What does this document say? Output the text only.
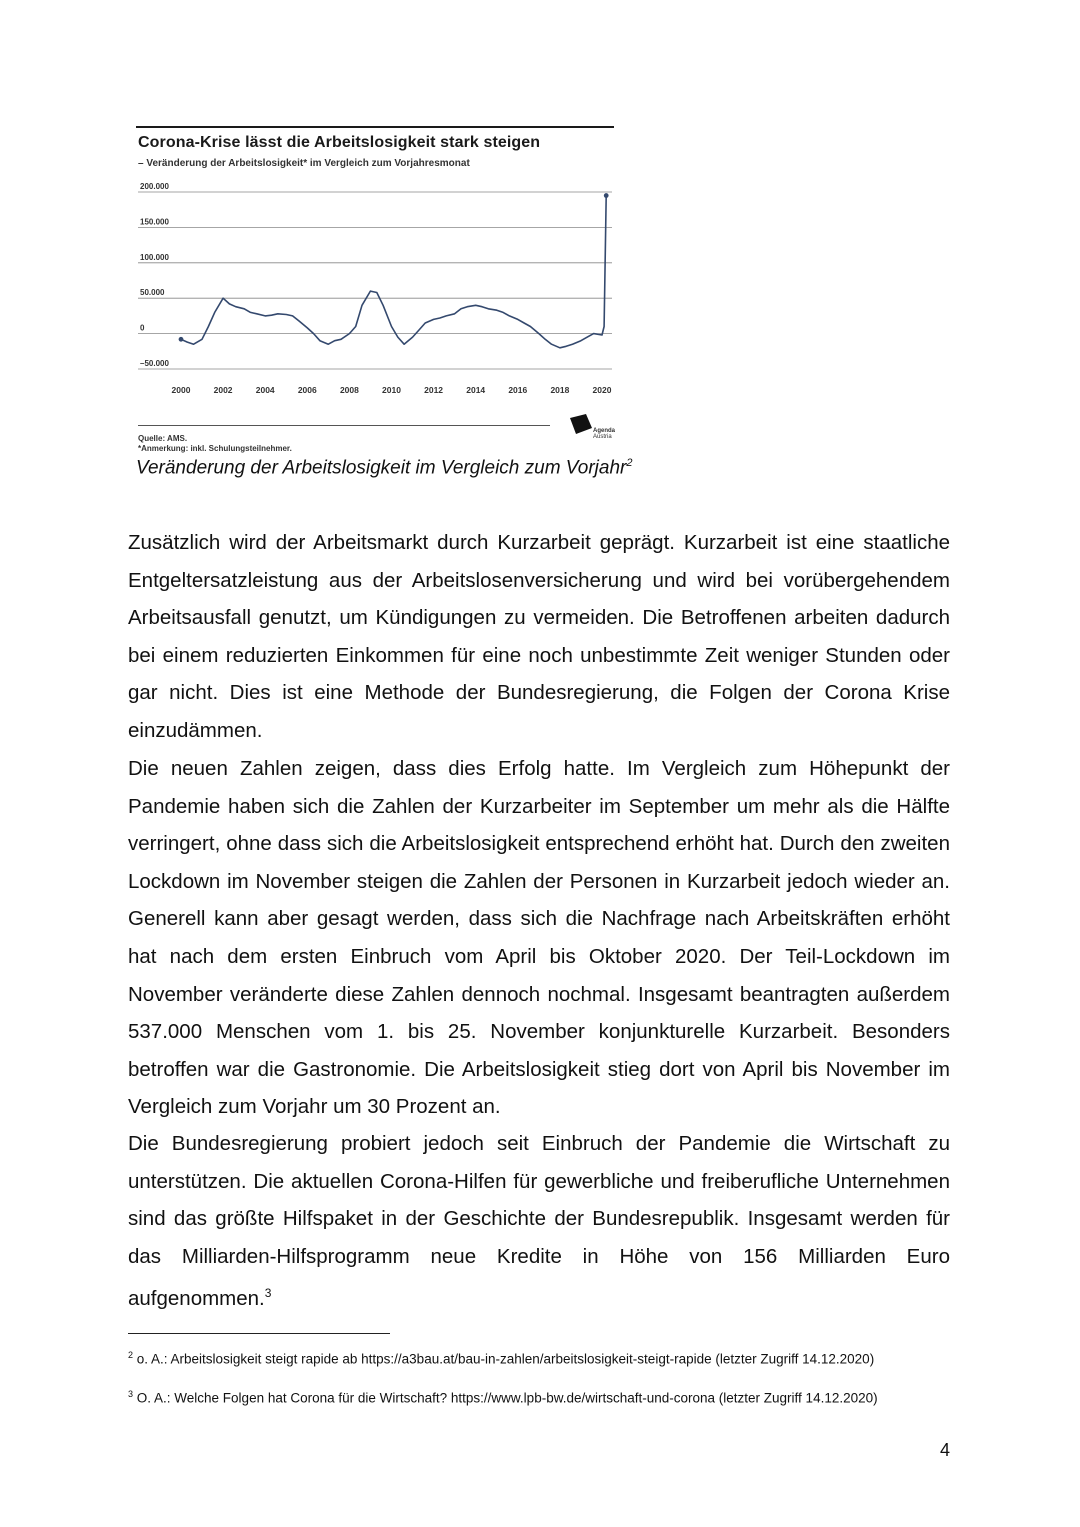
Corona-Krise lässt die Arbeitslosigkeit stark steigen
– Veränderung der Arbeitslosigkeit* im Vergleich zum Vorjahresmonat
–50.000
0
50.000
100.000
150.000
200.000
2000	2002	2004	2006	2008	2010	2012	2014	2016	2018	2020
Quelle: AMS.
*Anmerkung: inkl. Schulungsteilnehmer.
Agenda
Austria
Veränderung der Arbeitslosigkeit im Vergleich zum Vorjahr$^2$

Zusätzlich wird der Arbeitsmarkt durch Kurzarbeit geprägt. Kurzarbeit ist eine staatliche Entgeltersatzleistung aus der Arbeitslosenversicherung und wird bei vorübergehendem Arbeitsausfall genutzt, um Kündigungen zu vermeiden. Die Betroffenen arbeiten dadurch bei einem reduzierten Einkommen für eine noch unbestimmte Zeit weniger Stunden oder gar nicht. Dies ist eine Methode der Bundesregierung, die Folgen der Corona Krise einzudämmen.

Die neuen Zahlen zeigen, dass dies Erfolg hatte. Im Vergleich zum Höhepunkt der Pandemie haben sich die Zahlen der Kurzarbeiter im September um mehr als die Hälfte verringert, ohne dass sich die Arbeitslosigkeit entsprechend erhöht hat. Durch den zweiten Lockdown im November steigen die Zahlen der Personen in Kurzarbeit jedoch wieder an. Generell kann aber gesagt werden, dass sich die Nachfrage nach Arbeitskräften erhöht hat nach dem ersten Einbruch vom April bis Oktober 2020. Der Teil-Lockdown im November veränderte diese Zahlen dennoch nochmal. Insgesamt beantragten außerdem 537.000 Menschen vom 1. bis 25. November konjunkturelle Kurzarbeit. Besonders betroffen war die Gastronomie. Die Arbeitslosigkeit stieg dort von April bis November im Vergleich zum Vorjahr um 30 Prozent an.

Die Bundesregierung probiert jedoch seit Einbruch der Pandemie die Wirtschaft zu unterstützen. Die aktuellen Corona-Hilfen für gewerbliche und freiberufliche Unternehmen sind das größte Hilfspaket in der Geschichte der Bundesrepublik. Insgesamt werden für das Milliarden-Hilfsprogramm neue Kredite in Höhe von 156 Milliarden Euro aufgenommen.$^3$

$^2$ o. A.: Arbeitslosigkeit steigt rapide ab https://a3bau.at/bau-in-zahlen/arbeitslosigkeit-steigt-rapide (letzter Zugriff 14.12.2020)

$^3$ O. A.: Welche Folgen hat Corona für die Wirtschaft? https://www.lpb-bw.de/wirtschaft-und-corona (letzter Zugriff 14.12.2020)

4
